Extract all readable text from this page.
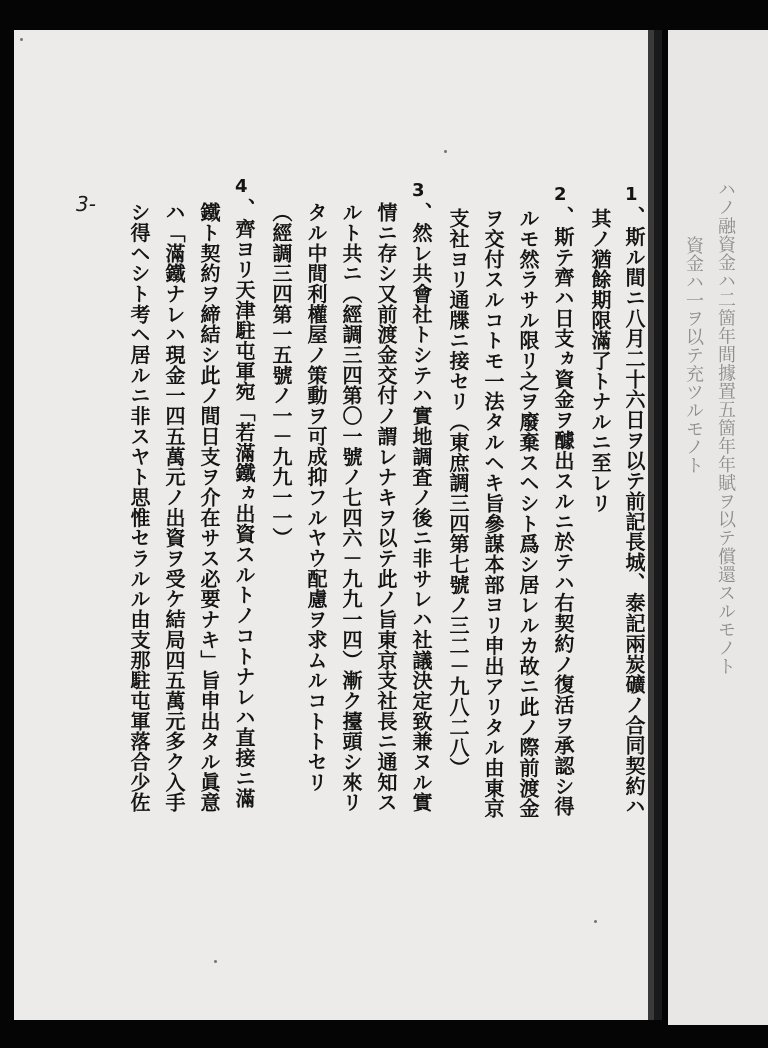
3-	1
、斯ル間ニ八月二十六日ヲ以テ前記長城、泰記兩炭礦ノ合同契約ハ
其ノ猶餘期限滿了トナルニ至レリ
2
、斯テ齊ハ日支ヵ資金ヲ醵出スルニ於テハ右契約ノ復活ヲ承認シ得
ルモ然ラサル限リ之ヲ廢棄スヘシト爲シ居レルカ故ニ此ノ際前渡金
ヲ交付スルコトモ一法タルヘキ旨參謀本部ヨリ申出アリタル由東京
支社ヨリ通牒ニ接セリ（東庶調三四第七號ノ三二－九八二八）
3
、然レ共會社トシテハ實地調査ノ後ニ非サレハ社議決定致兼ヌル實
情ニ存シ又前渡金交付ノ謂レナキヲ以テ此ノ旨東京支社長ニ通知ス
ルト共ニ（經調三四第〇一號ノ七四六－九九一四）漸ク擡頭シ來リ
タル中間利權屋ノ策動ヲ可成抑フルヤウ配慮ヲ求ムルコトトセリ
（經調三四第一五號ノ一－九九一一）
4
、齊ヨリ天津駐屯軍宛「若滿鐵ヵ出資スルトノコトナレハ直接ニ滿
鐵ト契約ヲ締結シ此ノ間日支ヲ介在サス必要ナキ」旨申出タル眞意
ハ「滿鐵ナレハ現金一四五萬元ノ出資ヲ受ケ結局四五萬元多ク入手
シ得ヘシト考ヘ居ルニ非スヤト思惟セラルル由支那駐屯軍落合少佐	ハノ融資金ハ二箇年間據置五箇年年賦ヲ以テ償還スルモノト
資金ハ一ヲ以テ充ツルモノト
